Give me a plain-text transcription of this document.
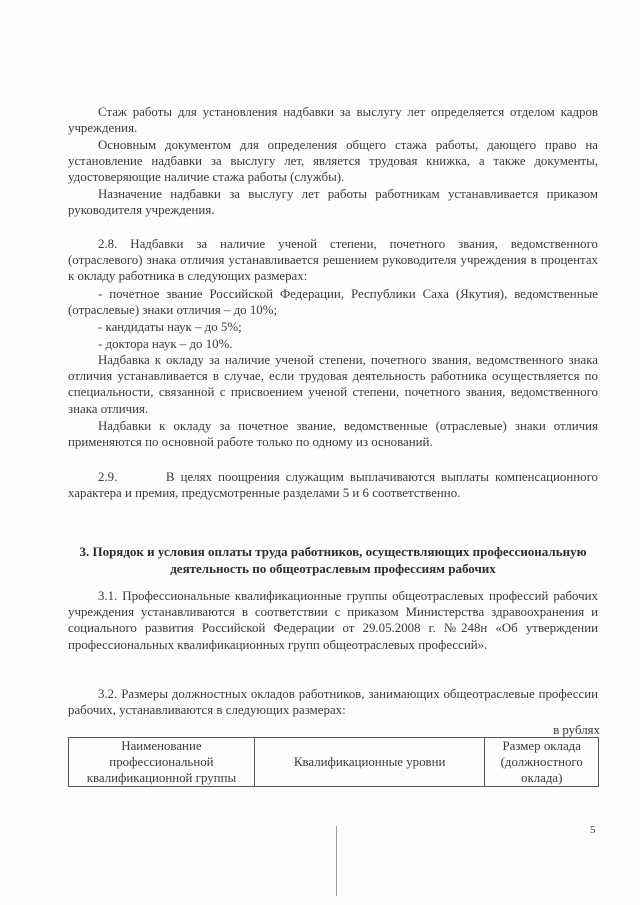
Стаж работы для установления надбавки за выслугу лет определяется отделом кадров учреждения.

Основным документом для определения общего стажа работы, дающего право на установление надбавки за выслугу лет, является трудовая книжка, а также документы, удостоверяющие наличие стажа работы (службы).

Назначение надбавки за выслугу лет работы работникам устанавливается приказом руководителя учреждения.

2.8. Надбавки за наличие ученой степени, почетного звания, ведомственного (отраслевого) знака отличия устанавливается решением руководителя учреждения в процентах к окладу работника в следующих размерах:

- почетное звание Российской Федерации, Республики Саха (Якутия), ведомственные (отраслевые) знаки отличия – до 10%;

- кандидаты наук – до 5%;

- доктора наук – до 10%.

Надбавка к окладу за наличие ученой степени, почетного звания, ведомственного знака отличия устанавливается в случае, если трудовая деятельность работника осуществляется по специальности, связанной с присвоением ученой степени, почетного звания, ведомственного знака отличия.

Надбавки к окладу за почетное звание, ведомственные (отраслевые) знаки отличия применяются по основной работе только по одному из оснований.

2.9.        В целях поощрения служащим выплачиваются выплаты компенсационного характера и премия, предусмотренные разделами 5 и 6 соответственно.

3. Порядок и условия оплаты труда работников, осуществляющих профессиональную деятельность по общеотраслевым профессиям рабочих

3.1. Профессиональные квалификационные группы общеотраслевых профессий рабочих учреждения устанавливаются в соответствии с приказом Министерства здравоохранения и социального развития Российской Федерации от 29.05.2008 г. №248н «Об утверждении профессиональных квалификационных групп общеотраслевых профессий».

3.2. Размеры должностных окладов работников, занимающих общеотраслевые профессии рабочих, устанавливаются в следующих размерах:

в рублях
Наименование профессиональной квалификационной группы	Квалификационные уровни	Размер оклада (должностного оклада)
5
